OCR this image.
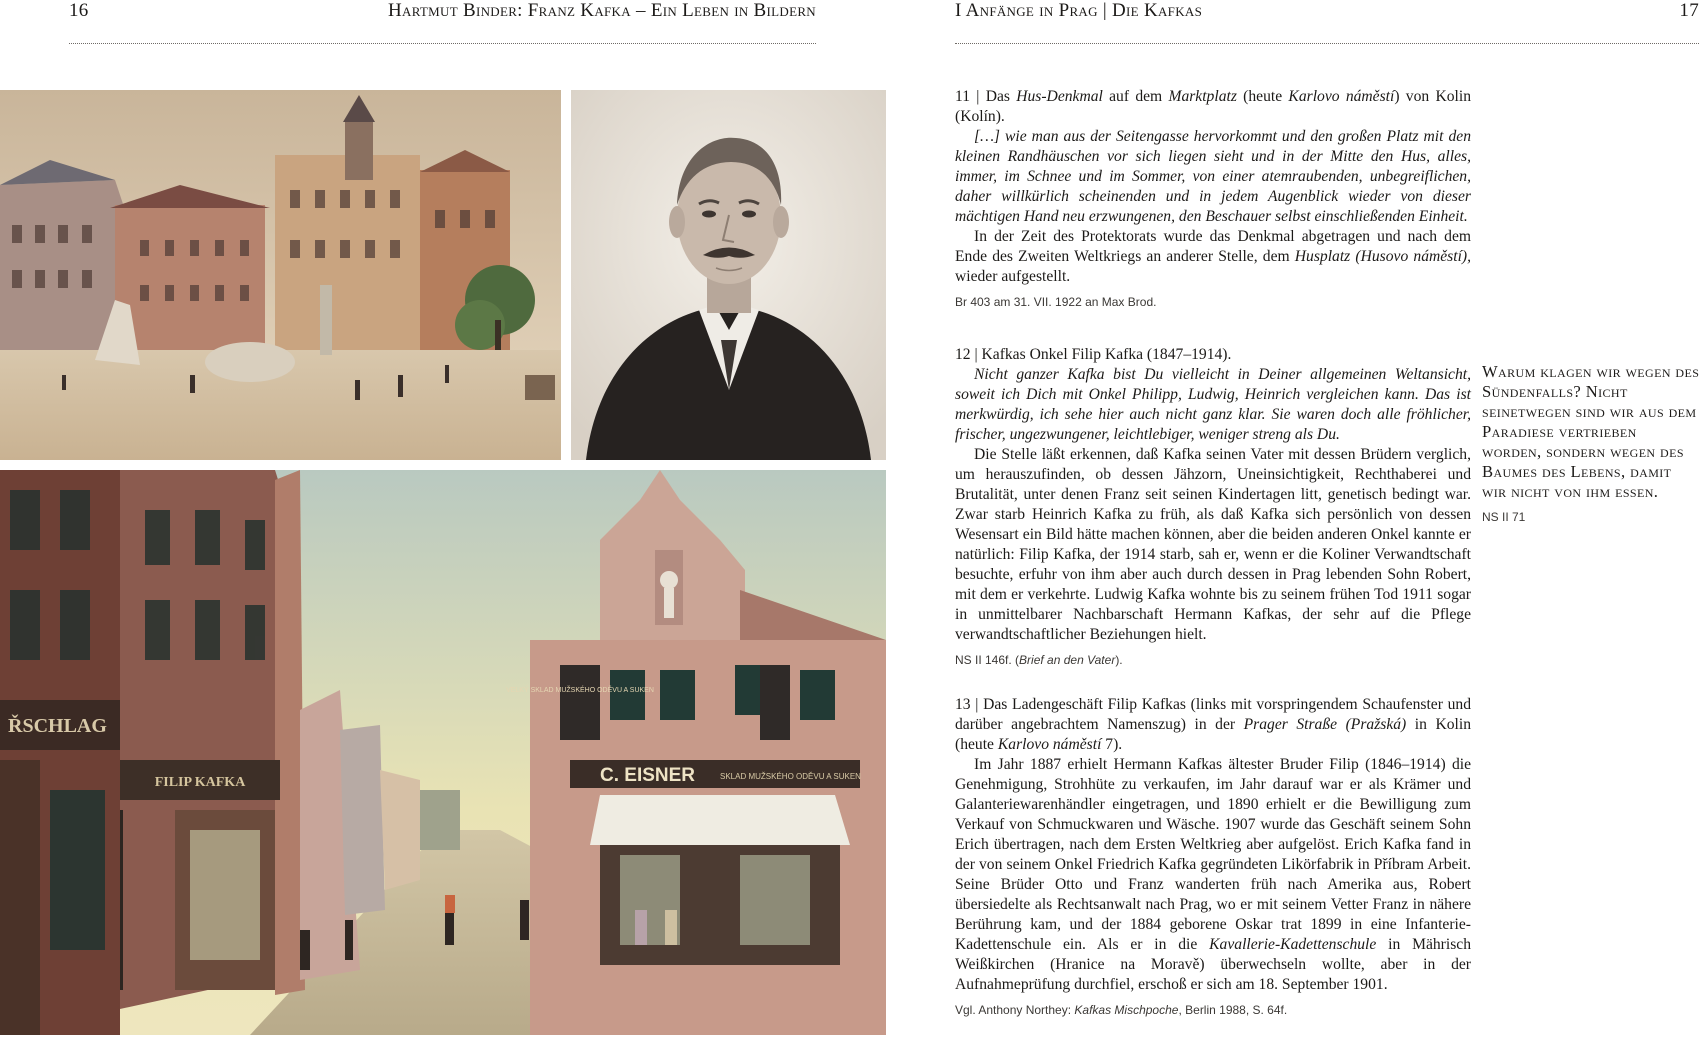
16	Hartmut Binder: Franz Kafka – Ein Leben in Bildern	I Anfänge in Prag | Die Kafkas	17
ŘSCHLAG
FILIP KAFKA
VELKÝ SKLAD MUŽSKÉHO ODĚVU A SUKEN
C. EISNER	SKLAD MUŽSKÉHO ODĚVU A SUKEN

11 | Das Hus-Denkmal auf dem Marktplatz (heute Karlovo náměstí) von Kolin (Kolín).

[…] wie man aus der Seitengasse hervorkommt und den großen Platz mit den kleinen Randhäuschen vor sich liegen sieht und in der Mitte den Hus, alles, immer, im Schnee und im Sommer, von einer atemraubenden, unbegreiflichen, daher willkürlich scheinenden und in jedem Augenblick wieder von dieser mächtigen Hand neu erzwungenen, den Beschauer selbst einschließenden Einheit.

In der Zeit des Protektorats wurde das Denkmal abgetragen und nach dem Ende des Zweiten Weltkriegs an anderer Stelle, dem Husplatz (Husovo náměstí), wieder aufgestellt.

Br 403 am 31. VII. 1922 an Max Brod.

12 | Kafkas Onkel Filip Kafka (1847–1914).

Nicht ganzer Kafka bist Du vielleicht in Deiner allgemeinen Weltansicht, soweit ich Dich mit Onkel Philipp, Ludwig, Heinrich vergleichen kann. Das ist merkwürdig, ich sehe hier auch nicht ganz klar. Sie waren doch alle fröhlicher, frischer, ungezwungener, leichtlebiger, weniger streng als Du.

Die Stelle läßt erkennen, daß Kafka seinen Vater mit dessen Brüdern verglich, um herauszufinden, ob dessen Jähzorn, Uneinsichtigkeit, Rechthaberei und Brutalität, unter denen Franz seit seinen Kindertagen litt, genetisch bedingt war. Zwar starb Heinrich Kafka zu früh, als daß Kafka sich persönlich von dessen Wesensart ein Bild hätte machen können, aber die beiden anderen Onkel kannte er natürlich: Filip Kafka, der 1914 starb, sah er, wenn er die Koliner Verwandtschaft besuchte, erfuhr von ihm aber auch durch dessen in Prag lebenden Sohn Robert, mit dem er verkehrte. Ludwig Kafka wohnte bis zu seinem frühen Tod 1911 sogar in unmittelbarer Nachbarschaft Hermann Kafkas, der sehr auf die Pflege verwandtschaftlicher Beziehungen hielt.

NS II 146f. (Brief an den Vater).
Warum klagen wir wegen des Sündenfalls? Nicht seinetwegen sind wir aus dem Paradiese vertrieben worden, sondern wegen des Baumes des Lebens, damit wir nicht von ihm essen.
NS II 71

13 | Das Ladengeschäft Filip Kafkas (links mit vorspringendem Schaufenster und darüber angebrachtem Namenszug) in der Prager Straße (Pražská) in Kolin (heute Karlovo náměstí 7).

Im Jahr 1887 erhielt Hermann Kafkas ältester Bruder Filip (1846–1914) die Genehmigung, Strohhüte zu verkaufen, im Jahr darauf war er als Krämer und Galanteriewarenhändler eingetragen, und 1890 erhielt er die Bewilligung zum Verkauf von Schmuckwaren und Wäsche. 1907 wurde das Geschäft seinem Sohn Erich übertragen, nach dem Ersten Weltkrieg aber aufgelöst. Erich Kafka fand in der von seinem Onkel Friedrich Kafka gegründeten Likörfabrik in Příbram Arbeit. Seine Brüder Otto und Franz wanderten früh nach Amerika aus, Robert übersiedelte als Rechtsanwalt nach Prag, wo er mit seinem Vetter Franz in nähere Berührung kam, und der 1884 geborene Oskar trat 1899 in eine Infanterie-Kadettenschule ein. Als er in die Kavallerie-Kadettenschule in Mährisch Weißkirchen (Hranice na Moravě) überwechseln wollte, aber in der Aufnahmeprüfung durchfiel, erschoß er sich am 18. September 1901.

Vgl. Anthony Northey: Kafkas Mischpoche, Berlin 1988, S. 64f.
